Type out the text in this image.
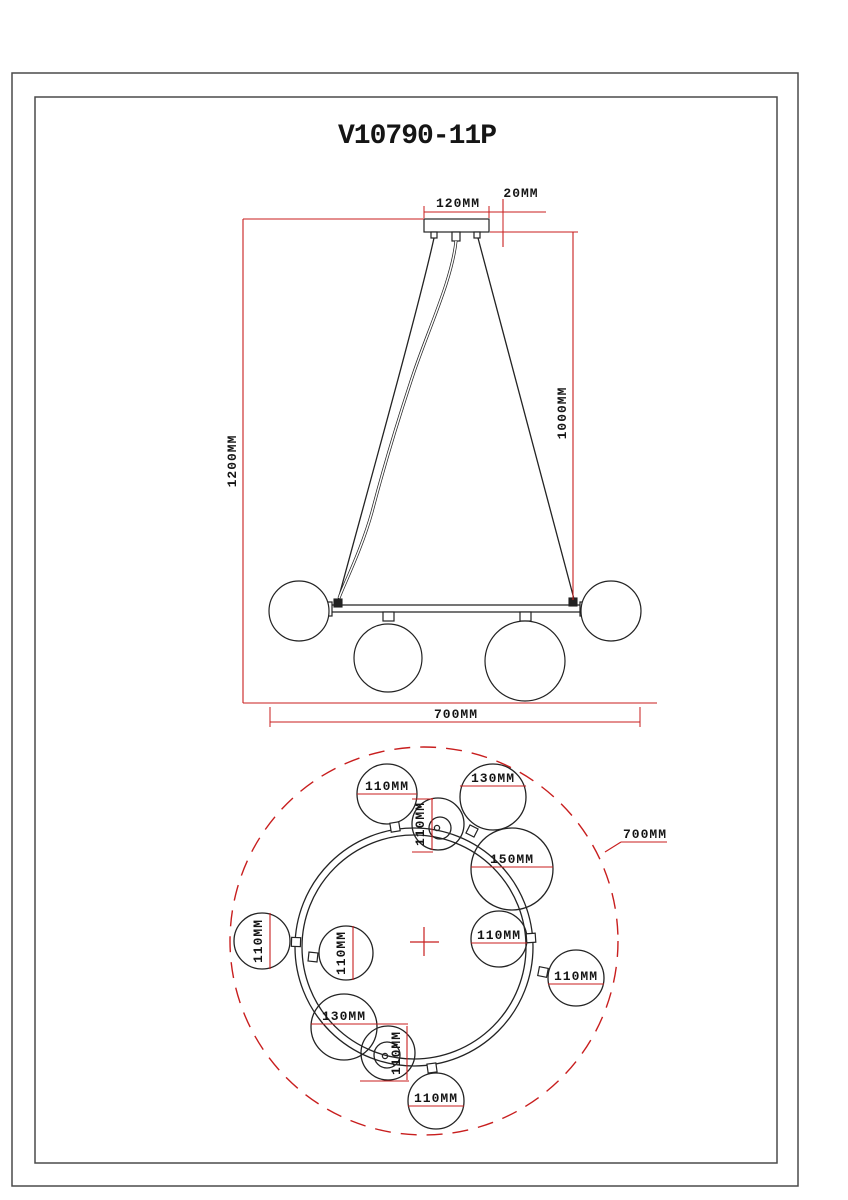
V10790-11P
120MM
20MM
1200MM
1000MM
700MM
110MM
110MM
130MM
150MM
110MM
110MM
110MM	110MM
130MM
110MM
110MM
700MM
